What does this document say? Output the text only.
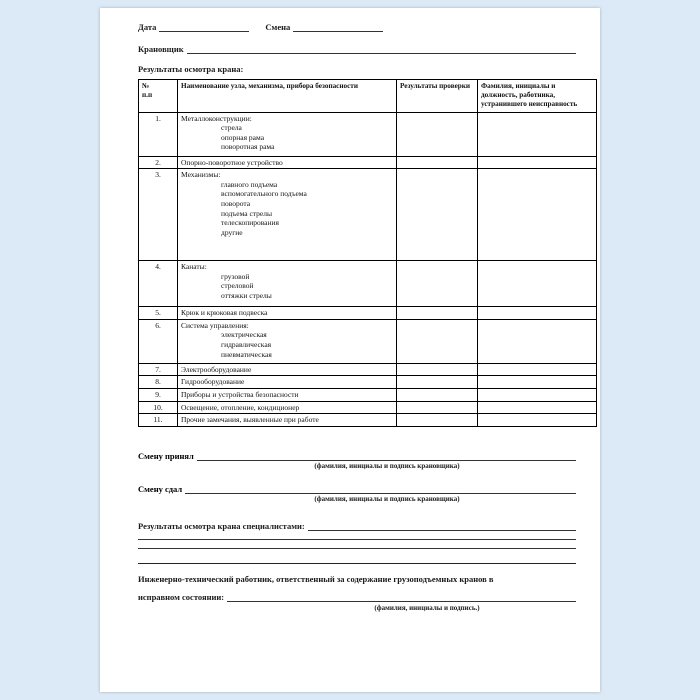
Дата	Смена
Крановщик
Результаты осмотра крана:
№
п.п	Наименование узла, механизма, прибора безопасности	Результаты проверки	Фамилия, инициалы и должность, работника, устранившего неисправность
1.	Металлоконструкции:
стрела
опорная рама
поворотная рама		

2.	Опорно-поворотное устройство		
3.	Механизмы:
главного подъема
вспомогательного подъема
поворота
подъема стрелы
телескопирования
другие

4.	Канаты:
грузовой
стреловой
оттяжки стрелы		

5.	Крюк и крюковая подвеска		
6.	Система управления:
электрическая
гидравлическая
пневматическая		

7.	Электрооборудование		
8.	Гидрооборудование		
9.	Приборы и устройства безопасности		
10.	Освещение, отопление, кондиционер		
11.	Прочие замечания, выявленные при работе		
Смену принял
(фамилия, инициалы и подпись крановщика)
Смену сдал
(фамилия, инициалы и подпись крановщика)
Результаты осмотра крана специалистами:
Инженерно-технический работник, ответственный за содержание грузоподъемных кранов в
исправном состоянии:
(фамилия, инициалы и подпись.)
